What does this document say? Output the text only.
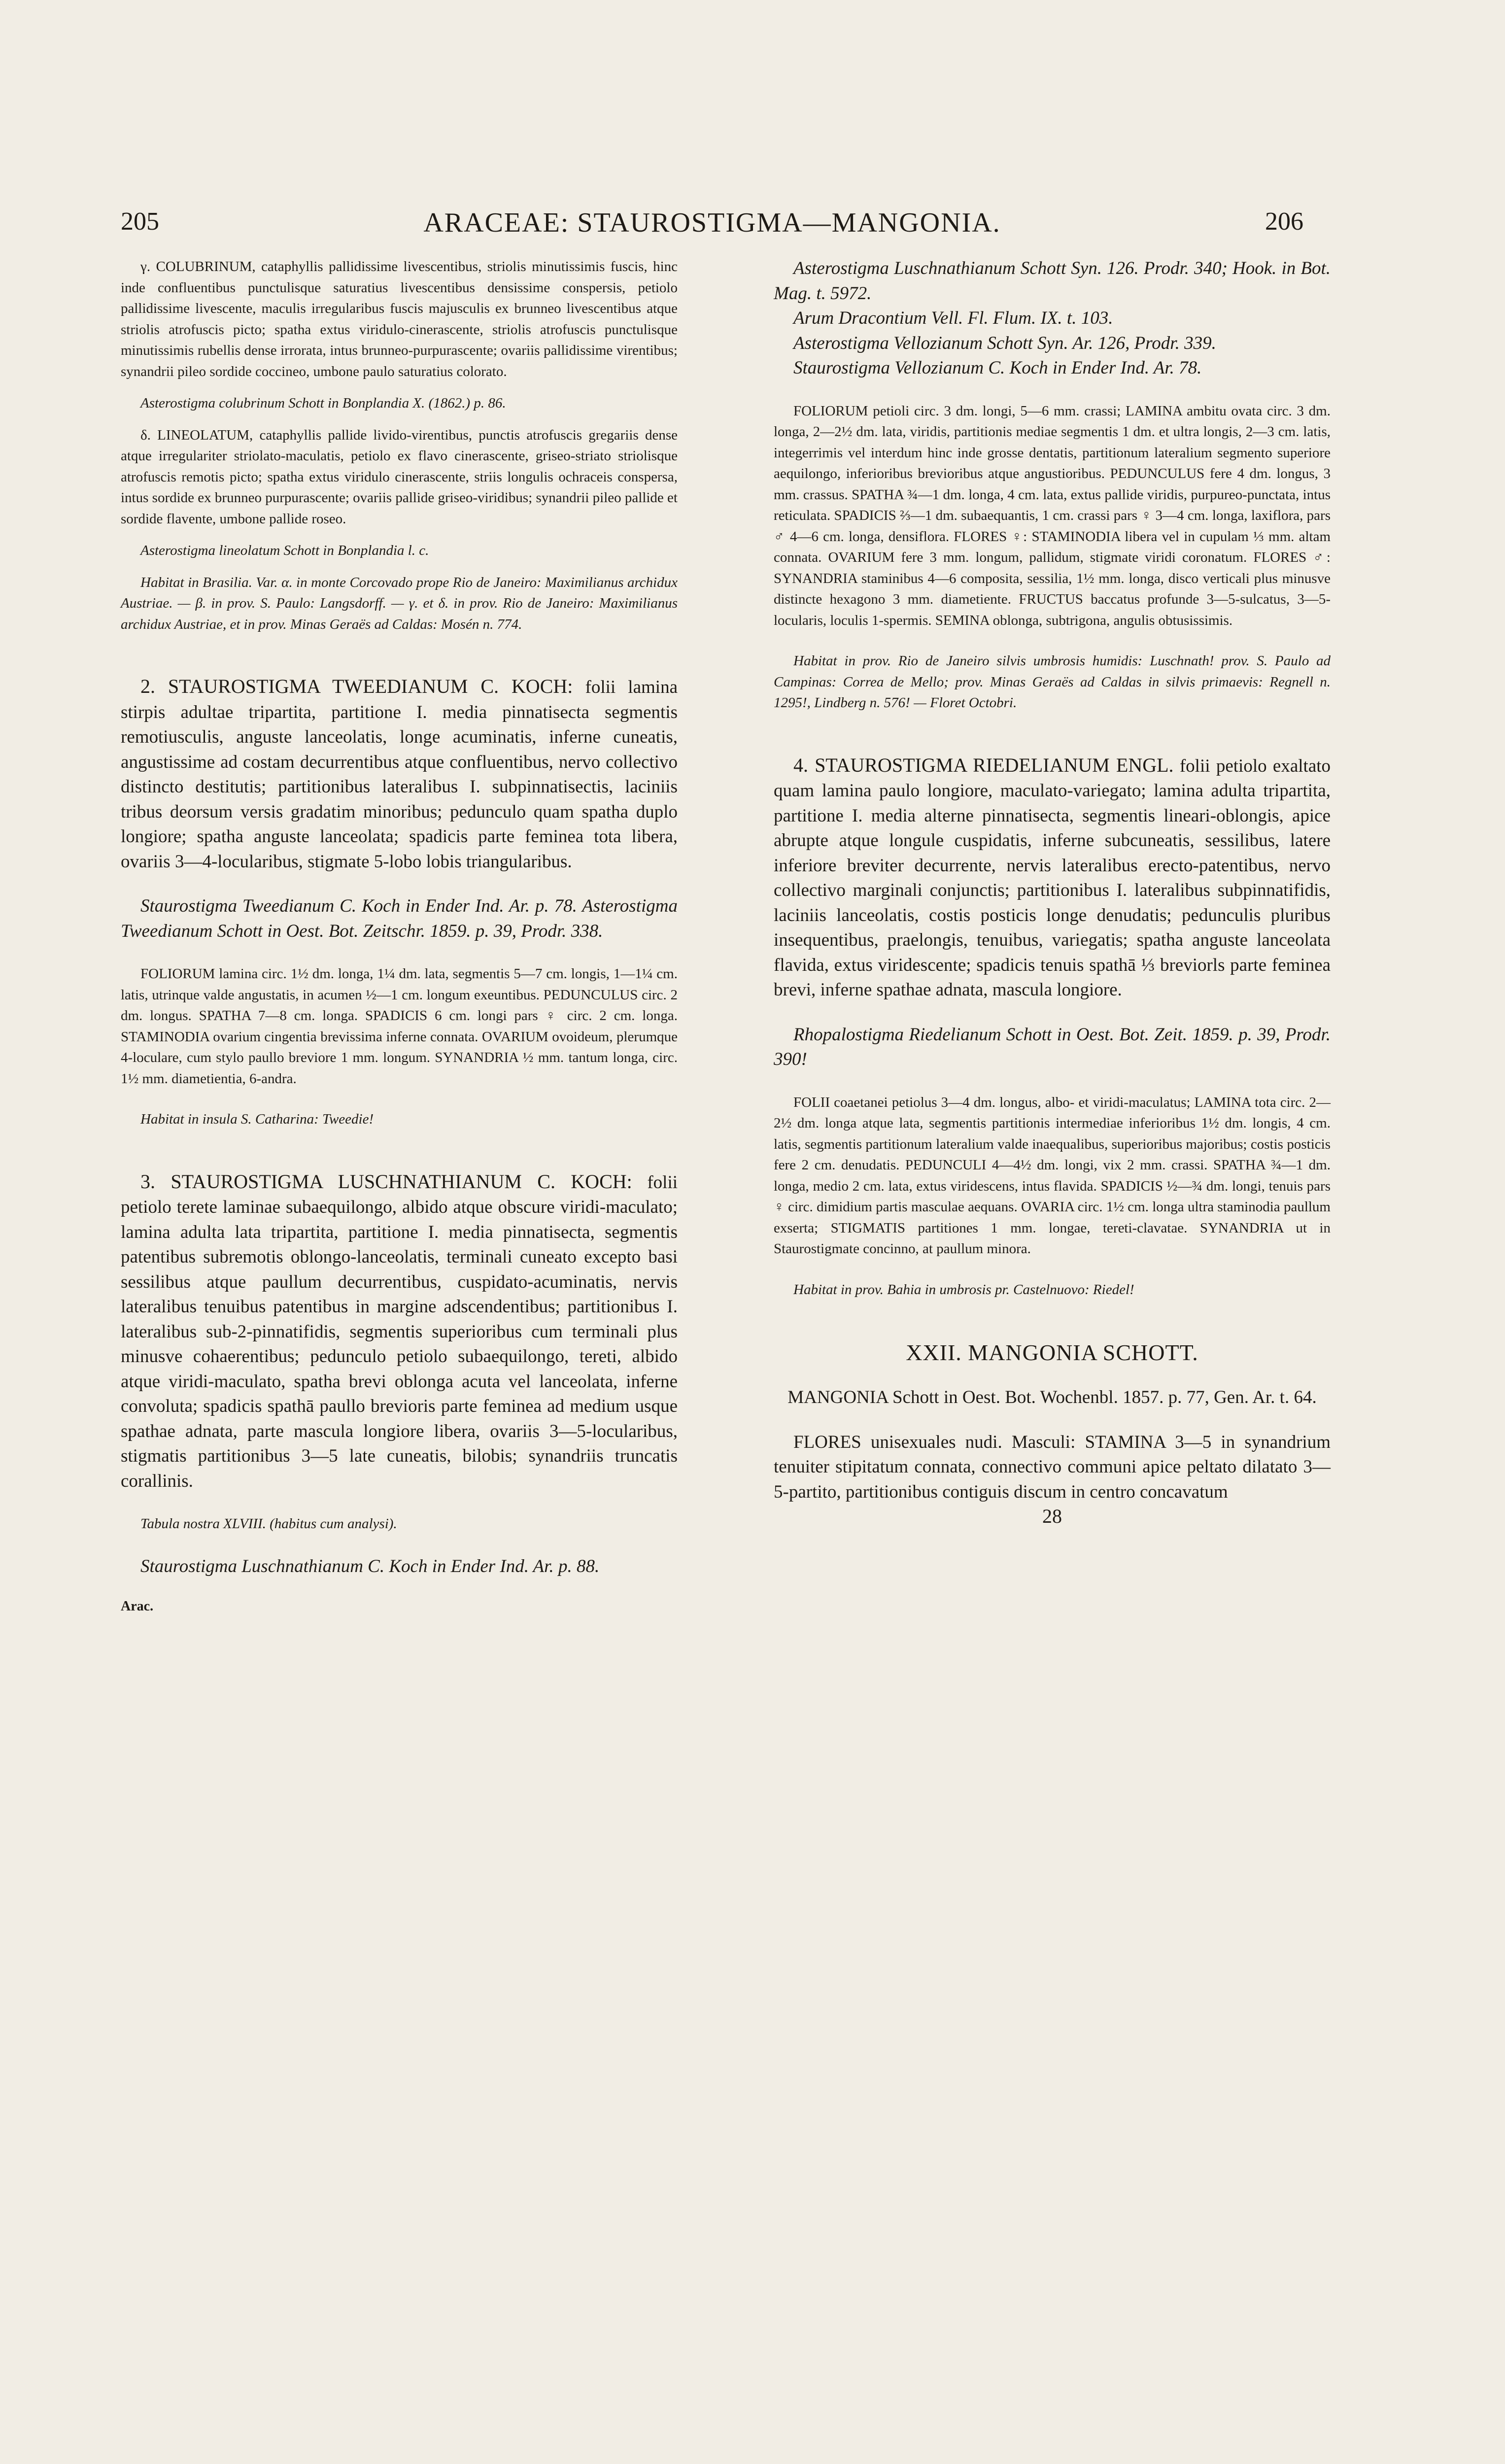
205	ARACEAE: STAUROSTIGMA—MANGONIA.	206

γ. COLUBRINUM, cataphyllis pallidissime livescentibus, striolis minutissimis fuscis, hinc inde confluentibus punctulisque saturatius livescentibus densissime conspersis, petiolo pallidissime livescente, maculis irregularibus fuscis majusculis ex brunneo livescentibus atque striolis atrofuscis picto; spatha extus viridulo-cinerascente, striolis atrofuscis punctulisque minutissimis rubellis dense irrorata, intus brunneo-purpurascente; ovariis pallidissime virentibus; synandrii pileo sordide coccineo, umbone paulo saturatius colorato.

Asterostigma colubrinum Schott in Bonplandia X. (1862.) p. 86.

δ. LINEOLATUM, cataphyllis pallide livido-virentibus, punctis atrofuscis gregariis dense atque irregulariter striolato-maculatis, petiolo ex flavo cinerascente, griseo-striato striolisque atrofuscis remotis picto; spatha extus viridulo cinerascente, striis longulis ochraceis conspersa, intus sordide ex brunneo purpurascente; ovariis pallide griseo-viridibus; synandrii pileo pallide et sordide flavente, umbone pallide roseo.

Asterostigma lineolatum Schott in Bonplandia l. c.

Habitat in Brasilia. Var. α. in monte Corcovado prope Rio de Janeiro: Maximilianus archidux Austriae. — β. in prov. S. Paulo: Langsdorff. — γ. et δ. in prov. Rio de Janeiro: Maximilianus archidux Austriae, et in prov. Minas Geraës ad Caldas: Mosén n. 774.

2. STAUROSTIGMA TWEEDIANUM C. KOCH: folii lamina stirpis adultae tripartita, partitione I. media pinnatisecta segmentis remotiusculis, anguste lanceolatis, longe acuminatis, inferne cuneatis, angustissime ad costam decurrentibus atque confluentibus, nervo collectivo distincto destitutis; partitionibus lateralibus I. subpinnatisectis, laciniis tribus deorsum versis gradatim minoribus; pedunculo quam spatha duplo longiore; spatha anguste lanceolata; spadicis parte feminea tota libera, ovariis 3—4-locularibus, stigmate 5-lobo lobis triangularibus.

Staurostigma Tweedianum C. Koch in Ender Ind. Ar. p. 78. Asterostigma Tweedianum Schott in Oest. Bot. Zeitschr. 1859. p. 39, Prodr. 338.

FOLIORUM lamina circ. 1½ dm. longa, 1¼ dm. lata, segmentis 5—7 cm. longis, 1—1¼ cm. latis, utrinque valde angustatis, in acumen ½—1 cm. longum exeuntibus. PEDUNCULUS circ. 2 dm. longus. SPATHA 7—8 cm. longa. SPADICIS 6 cm. longi pars ♀ circ. 2 cm. longa. STAMINODIA ovarium cingentia brevissima inferne connata. OVARIUM ovoideum, plerumque 4-loculare, cum stylo paullo breviore 1 mm. longum. SYNANDRIA ½ mm. tantum longa, circ. 1½ mm. diametientia, 6-andra.

Habitat in insula S. Catharina: Tweedie!

3. STAUROSTIGMA LUSCHNATHIANUM C. KOCH: folii petiolo terete laminae subaequilongo, albido atque obscure viridi-maculato; lamina adulta lata tripartita, partitione I. media pinnatisecta, segmentis patentibus subremotis oblongo-lanceolatis, terminali cuneato excepto basi sessilibus atque paullum decurrentibus, cuspidato-acuminatis, nervis lateralibus tenuibus patentibus in margine adscendentibus; partitionibus I. lateralibus sub-2-pinnatifidis, segmentis superioribus cum terminali plus minusve cohaerentibus; pedunculo petiolo subaequilongo, tereti, albido atque viridi-maculato, spatha brevi oblonga acuta vel lanceolata, inferne convoluta; spadicis spathā paullo brevioris parte feminea ad medium usque spathae adnata, parte mascula longiore libera, ovariis 3—5-locularibus, stigmatis partitionibus 3—5 late cuneatis, bilobis; synandriis truncatis corallinis.

Tabula nostra XLVIII. (habitus cum analysi).

Staurostigma Luschnathianum C. Koch in Ender Ind. Ar. p. 88.

Arac.

Asterostigma Luschnathianum Schott Syn. 126. Prodr. 340; Hook. in Bot. Mag. t. 5972.

Arum Dracontium Vell. Fl. Flum. IX. t. 103.

Asterostigma Vellozianum Schott Syn. Ar. 126, Prodr. 339.

Staurostigma Vellozianum C. Koch in Ender Ind. Ar. 78.

FOLIORUM petioli circ. 3 dm. longi, 5—6 mm. crassi; LAMINA ambitu ovata circ. 3 dm. longa, 2—2½ dm. lata, viridis, partitionis mediae segmentis 1 dm. et ultra longis, 2—3 cm. latis, integerrimis vel interdum hinc inde grosse dentatis, partitionum lateralium segmento superiore aequilongo, inferioribus brevioribus atque angustioribus. PEDUNCULUS fere 4 dm. longus, 3 mm. crassus. SPATHA ¾—1 dm. longa, 4 cm. lata, extus pallide viridis, purpureo-punctata, intus reticulata. SPADICIS ⅔—1 dm. subaequantis, 1 cm. crassi pars ♀ 3—4 cm. longa, laxiflora, pars ♂ 4—6 cm. longa, densiflora. FLORES ♀: STAMINODIA libera vel in cupulam ⅓ mm. altam connata. OVARIUM fere 3 mm. longum, pallidum, stigmate viridi coronatum. FLORES ♂: SYNANDRIA staminibus 4—6 composita, sessilia, 1½ mm. longa, disco verticali plus minusve distincte hexagono 3 mm. diametiente. FRUCTUS baccatus profunde 3—5-sulcatus, 3—5-locularis, loculis 1-spermis. SEMINA oblonga, subtrigona, angulis obtusissimis.

Habitat in prov. Rio de Janeiro silvis umbrosis humidis: Luschnath! prov. S. Paulo ad Campinas: Correa de Mello; prov. Minas Geraës ad Caldas in silvis primaevis: Regnell n. 1295!, Lindberg n. 576! — Floret Octobri.

4. STAUROSTIGMA RIEDELIANUM ENGL. folii petiolo exaltato quam lamina paulo longiore, maculato-variegato; lamina adulta tripartita, partitione I. media alterne pinnatisecta, segmentis lineari-oblongis, apice abrupte atque longule cuspidatis, inferne subcuneatis, sessilibus, latere inferiore breviter decurrente, nervis lateralibus erecto-patentibus, nervo collectivo marginali conjunctis; partitionibus I. lateralibus subpinnatifidis, laciniis lanceolatis, costis posticis longe denudatis; pedunculis pluribus insequentibus, praelongis, tenuibus, variegatis; spatha anguste lanceolata flavida, extus viridescente; spadicis tenuis spathā ⅓ breviorls parte feminea brevi, inferne spathae adnata, mascula longiore.

Rhopalostigma Riedelianum Schott in Oest. Bot. Zeit. 1859. p. 39, Prodr. 390!

FOLII coaetanei petiolus 3—4 dm. longus, albo- et viridi-maculatus; LAMINA tota circ. 2—2½ dm. longa atque lata, segmentis partitionis intermediae inferioribus 1½ dm. longis, 4 cm. latis, segmentis partitionum lateralium valde inaequalibus, superioribus majoribus; costis posticis fere 2 cm. denudatis. PEDUNCULI 4—4½ dm. longi, vix 2 mm. crassi. SPATHA ¾—1 dm. longa, medio 2 cm. lata, extus viridescens, intus flavida. SPADICIS ½—¾ dm. longi, tenuis pars ♀ circ. dimidium partis masculae aequans. OVARIA circ. 1½ cm. longa ultra staminodia paullum exserta; STIGMATIS partitiones 1 mm. longae, tereti-clavatae. SYNANDRIA ut in Staurostigmate concinno, at paullum minora.

Habitat in prov. Bahia in umbrosis pr. Castelnuovo: Riedel!

XXII. MANGONIA SCHOTT.

MANGONIA Schott in Oest. Bot. Wochenbl. 1857. p. 77, Gen. Ar. t. 64.

FLORES unisexuales nudi. Masculi: STAMINA 3—5 in synandrium tenuiter stipitatum connata, connectivo communi apice peltato dilatato 3—5-partito, partitionibus contiguis discum in centro concavatum

28
